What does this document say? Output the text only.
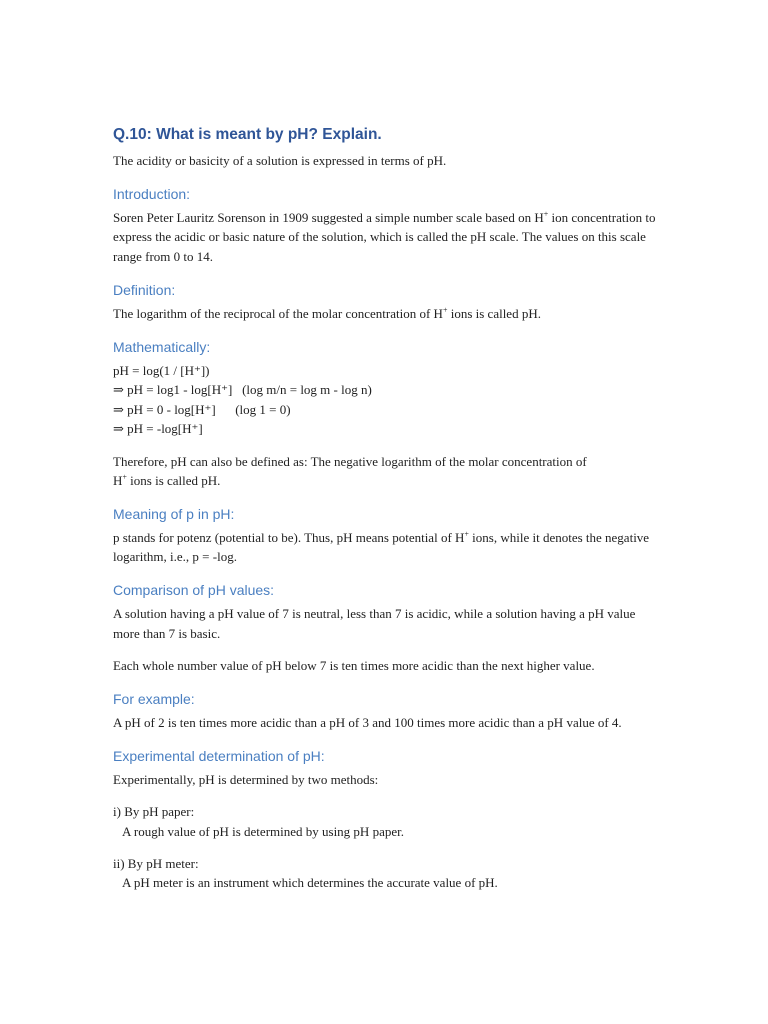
Q.10: What is meant by pH? Explain.

The acidity or basicity of a solution is expressed in terms of pH.

Introduction:

Soren Peter Lauritz Sorenson in 1909 suggested a simple number scale based on H+ ion concentration to express the acidic or basic nature of the solution, which is called the pH scale. The values on this scale range from 0 to 14.

Definition:

The logarithm of the reciprocal of the molar concentration of H+ ions is called pH.

Mathematically:
pH = log(1 / [H⁺])
⇒ pH = log1 - log[H⁺]   (log m/n = log m - log n)
⇒ pH = 0 - log[H⁺]      (log 1 = 0)
⇒ pH = -log[H⁺]

Therefore, pH can also be defined as: The negative logarithm of the molar concentration of
H+ ions is called pH.

Meaning of p in pH:

p stands for potenz (potential to be). Thus, pH means potential of H+ ions, while it denotes the negative logarithm, i.e., p = -log.

Comparison of pH values:

A solution having a pH value of 7 is neutral, less than 7 is acidic, while a solution having a pH value more than 7 is basic.

Each whole number value of pH below 7 is ten times more acidic than the next higher value.

For example:

A pH of 2 is ten times more acidic than a pH of 3 and 100 times more acidic than a pH value of 4.

Experimental determination of pH:

Experimentally, pH is determined by two methods:

i) By pH paper:

A rough value of pH is determined by using pH paper.

ii) By pH meter:

A pH meter is an instrument which determines the accurate value of pH.
